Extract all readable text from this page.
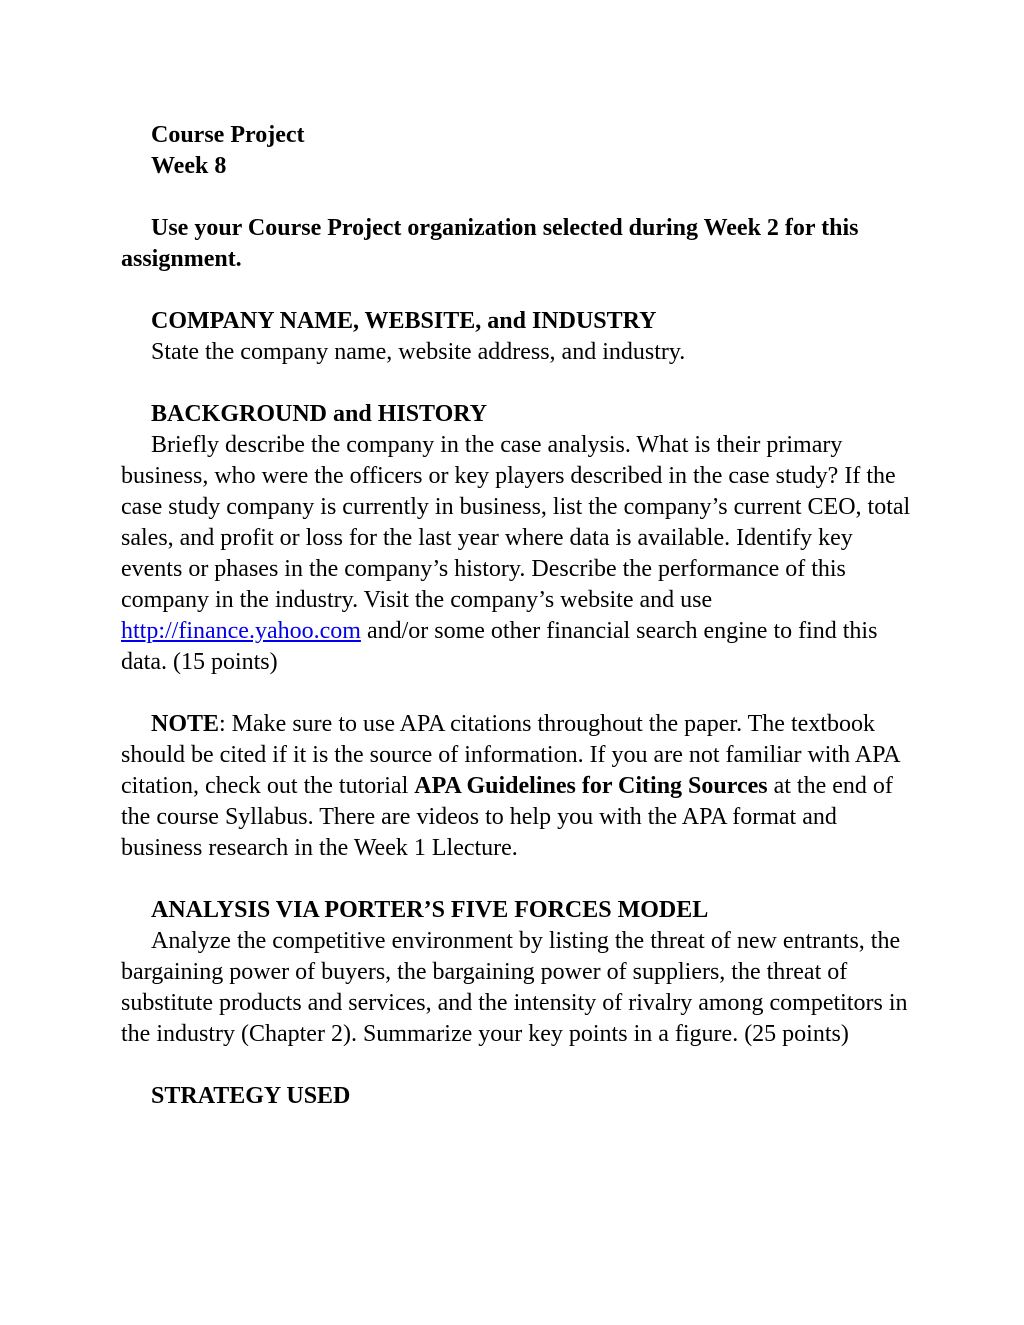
Course Project

Week 8

Use your Course Project organization selected during Week 2 for this assignment.

COMPANY NAME, WEBSITE, and INDUSTRY

State the company name, website address, and industry.

BACKGROUND and HISTORY

Briefly describe the company in the case analysis. What is their primary business, who were the officers or key players described in the case study? If the case study company is currently in business, list the company’s current CEO, total sales, and profit or loss for the last year where data is available. Identify key events or phases in the company’s history. Describe the performance of this company in the industry. Visit the company’s website and use http://finance.yahoo.com and/or some other financial search engine to find this data. (15 points)

NOTE: Make sure to use APA citations throughout the paper. The textbook should be cited if it is the source of information. If you are not familiar with APA citation, check out the tutorial APA Guidelines for Citing Sources at the end of the course Syllabus. There are videos to help you with the APA format and business research in the Week 1 Llecture.

ANALYSIS VIA PORTER’S FIVE FORCES MODEL

Analyze the competitive environment by listing the threat of new entrants, the bargaining power of buyers, the bargaining power of suppliers, the threat of substitute products and services, and the intensity of rivalry among competitors in the industry (Chapter 2). Summarize your key points in a figure. (25 points)

STRATEGY USED
